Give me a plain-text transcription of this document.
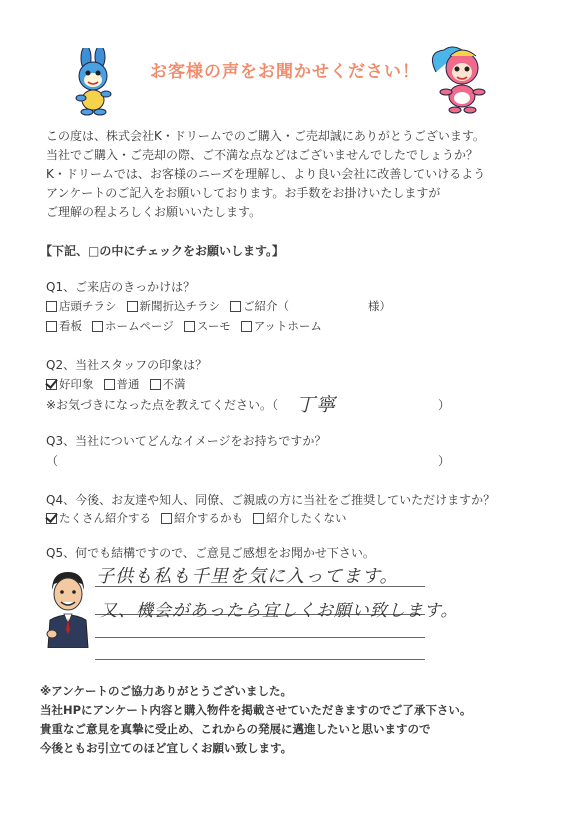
お客様の声をお聞かせください！
この度は、株式会社K・ドリームでのご購入・ご売却誠にありがとうございます。
当社でご購入・ご売却の際、ご不満な点などはございませんでしたでしょうか？
K・ドリームでは、お客様のニーズを理解し、より良い会社に改善していけるよう
アンケートのご記入をお願いしております。お手数をお掛けいたしますが
ご理解の程よろしくお願いいたします。
【下記、□の中にチェックをお願いします。】
Q1、ご来店のきっかけは？
店頭チラシ 新聞折込チラシ ご紹介（	様）
看板 ホームページ スーモ アットホーム
Q2、当社スタッフの印象は？
好印象 普通 不満
※お気づきになった点を教えてください。（ 丁寧	）
Q3、当社についてどんなイメージをお持ちですか？
（	）
Q4、今後、お友達や知人、同僚、ご親戚の方に当社をご推奨していただけますか？
たくさん紹介する 紹介するかも 紹介したくない
Q5、何でも結構ですので、ご意見ご感想をお聞かせ下さい。
子供も私も千里を気に入ってます。
又、機会があったら宜しくお願い致します。
※アンケートのご協力ありがとうございました。
当社HPにアンケート内容と購入物件を掲載させていただきますのでご了承下さい。
貴重なご意見を真摯に受止め、これからの発展に邁進したいと思いますので
今後ともお引立てのほど宜しくお願い致します。
